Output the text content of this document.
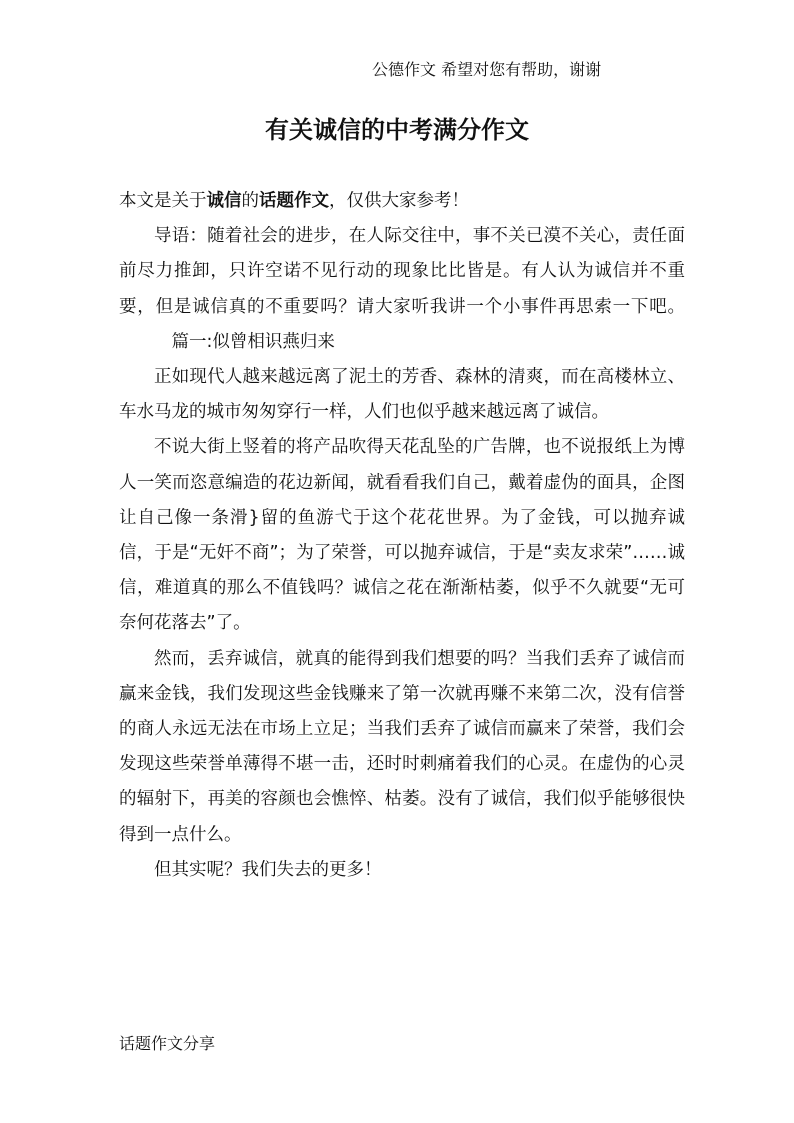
公德作文 希望对您有帮助，谢谢
有关诚信的中考满分作文

本文是关于诚信的话题作文，仅供大家参考！

导语：随着社会的进步，在人际交往中，事不关已漠不关心，责任面前尽力推卸，只许空诺不见行动的现象比比皆是。有人认为诚信并不重要，但是诚信真的不重要吗？请大家听我讲一个小事件再思索一下吧。篇一:似曾相识燕归来

正如现代人越来越远离了泥土的芳香、森林的清爽，而在高楼林立、车水马龙的城市匆匆穿行一样，人们也似乎越来越远离了诚信。

不说大街上竖着的将产品吹得天花乱坠的广告牌，也不说报纸上为博人一笑而恣意编造的花边新闻，就看看我们自己，戴着虚伪的面具，企图让自己像一条滑}留的鱼游弋于这个花花世界。为了金钱，可以抛弃诚信，于是“无奸不商”；为了荣誉，可以抛弃诚信，于是“卖友求荣”……诚信，难道真的那么不值钱吗？诚信之花在渐渐枯萎，似乎不久就要“无可奈何花落去”了。

然而，丢弃诚信，就真的能得到我们想要的吗？当我们丢弃了诚信而赢来金钱，我们发现这些金钱赚来了第一次就再赚不来第二次，没有信誉的商人永远无法在市场上立足；当我们丢弃了诚信而赢来了荣誉，我们会发现这些荣誉单薄得不堪一击，还时时刺痛着我们的心灵。在虚伪的心灵的辐射下，再美的容颜也会憔悴、枯萎。没有了诚信，我们似乎能够很快得到一点什么。

但其实呢？我们失去的更多！

话题作文分享
